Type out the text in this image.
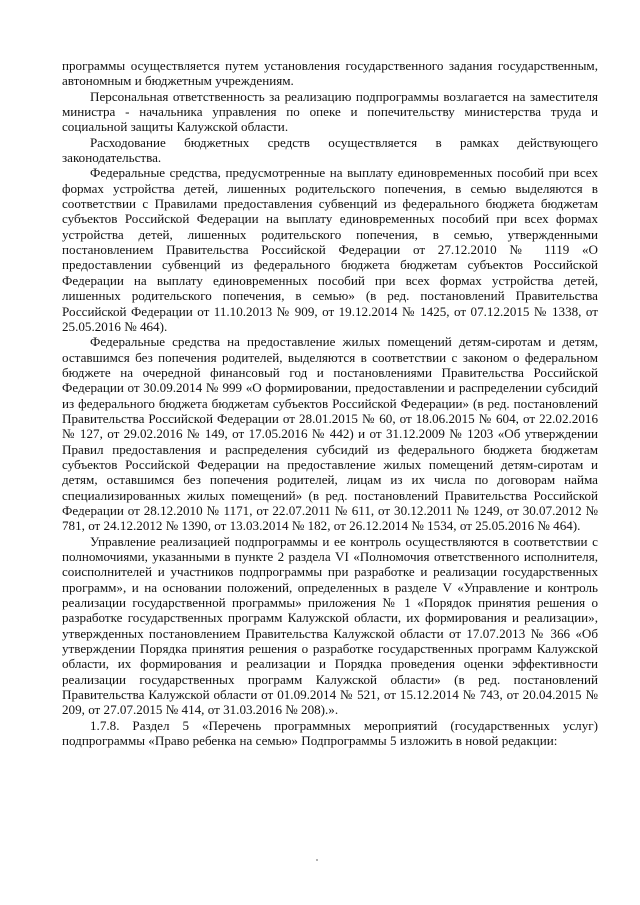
программы осуществляется путем установления государственного задания государственным, автономным и бюджетным учреждениям.

Персональная ответственность за реализацию подпрограммы возлагается на заместителя министра - начальника управления по опеке и попечительству министерства труда и социальной защиты Калужской области.

Расходование бюджетных средств осуществляется в рамках действующего законодательства.

Федеральные средства, предусмотренные на выплату единовременных пособий при всех формах устройства детей, лишенных родительского попечения, в семью выделяются в соответствии с Правилами предоставления субвенций из федерального бюджета бюджетам субъектов Российской Федерации на выплату единовременных пособий при всех формах устройства детей, лишенных родительского попечения, в семью, утвержденными постановлением Правительства Российской Федерации от 27.12.2010 № 1119 «О предоставлении субвенций из федерального бюджета бюджетам субъектов Российской Федерации на выплату единовременных пособий при всех формах устройства детей, лишенных родительского попечения, в семью» (в ред. постановлений Правительства Российской Федерации от 11.10.2013 № 909, от 19.12.2014 № 1425, от 07.12.2015 № 1338, от 25.05.2016 № 464).

Федеральные средства на предоставление жилых помещений детям-сиротам и детям, оставшимся без попечения родителей, выделяются в соответствии с законом о федеральном бюджете на очередной финансовый год и постановлениями Правительства Российской Федерации от 30.09.2014 № 999 «О формировании, предоставлении и распределении субсидий из федерального бюджета бюджетам субъектов Российской Федерации» (в ред. постановлений Правительства Российской Федерации от 28.01.2015 № 60, от 18.06.2015 № 604, от 22.02.2016 № 127, от 29.02.2016 № 149, от 17.05.2016 № 442) и от 31.12.2009 № 1203 «Об утверждении Правил предоставления и распределения субсидий из федерального бюджета бюджетам субъектов Российской Федерации на предоставление жилых помещений детям-сиротам и детям, оставшимся без попечения родителей, лицам из их числа по договорам найма специализированных жилых помещений» (в ред. постановлений Правительства Российской Федерации от 28.12.2010 № 1171, от 22.07.2011 № 611, от 30.12.2011 № 1249, от 30.07.2012 № 781, от 24.12.2012 № 1390, от 13.03.2014 № 182, от 26.12.2014 № 1534, от 25.05.2016 № 464).

Управление реализацией подпрограммы и ее контроль осуществляются в соответствии с полномочиями, указанными в пункте 2 раздела VI «Полномочия ответственного исполнителя, соисполнителей и участников подпрограммы при разработке и реализации государственных программ», и на основании положений, определенных в разделе V «Управление и контроль реализации государственной программы» приложения № 1 «Порядок принятия решения о разработке государственных программ Калужской области, их формирования и реализации», утвержденных постановлением Правительства Калужской области от 17.07.2013 № 366 «Об утверждении Порядка принятия решения о разработке государственных программ Калужской области, их формирования и реализации и Порядка проведения оценки эффективности реализации государственных программ Калужской области» (в ред. постановлений Правительства Калужской области от 01.09.2014 № 521, от 15.12.2014 № 743, от 20.04.2015 № 209, от 27.07.2015 № 414, от 31.03.2016 № 208).».

1.7.8. Раздел 5 «Перечень программных мероприятий (государственных услуг) подпрограммы «Право ребенка на семью» Подпрограммы 5 изложить в новой редакции:
